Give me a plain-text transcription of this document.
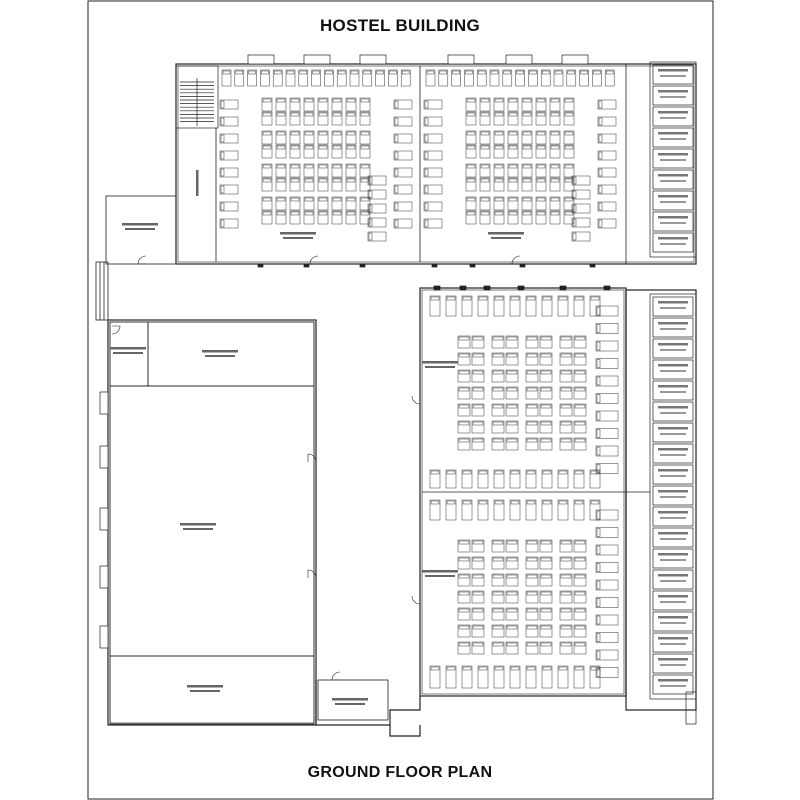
HOSTEL BUILDING
GROUND FLOOR PLAN
